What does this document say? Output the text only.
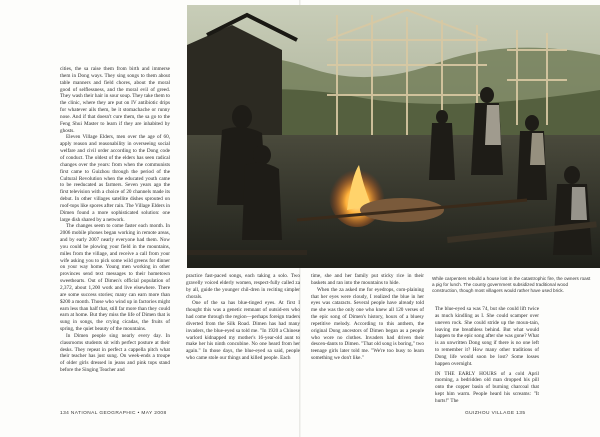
cities, the sa raise them from birth and immerse them in Dong ways. They sing songs to them about table manners and field chores, about the moral good of selflessness, and the moral evil of greed. They wash their hair in sour soup. They take them to the clinic, where they are put on IV antibiotic drips for whatever ails them, be it stomachache or runny nose. And if that doesn't cure them, the sa go to the Feng Shui Master to learn if they are inhabited by ghosts.

Eleven Village Elders, men over the age of 60, apply reason and reasonability in overseeing social welfare and civil order according to the Dong code of conduct. The oldest of the elders has seen radical changes over the years: from when the communists first came to Guizhou through the period of the Cultural Revolution when the educated youth came to be reeducated as farmers. Seven years ago the first television with a choice of 20 channels made its debut. In other villages satellite dishes sprouted on roof-tops like spores after rain. The Village Elders in Dimen found a more sophisticated solution: one large dish shared by a network.

The changes seem to come faster each month. In 2006 mobile phones began working in remote areas, and by early 2007 nearly everyone had them. Now you could be plowing your field in the mountains, miles from the village, and receive a call from your wife asking you to pick some wild greens for dinner on your way home. Young men working in other provinces send text messages to their hometown sweethearts. Out of Dimen's official population of 2,372, about 1,200 work and live elsewhere. There are some success stories; many can earn more than $200 a month. Those who wind up in factories might earn less than half that, still far more than they could earn at home. But they miss the life of Dimen that is sung in songs, the crying cicadas, the fruits of spring, the quiet beauty of the mountains.

In Dimen people sing nearly every day. In classrooms students sit with perfect posture at their desks. They repeat in perfect a cappella pitch what their teacher has just sung. On week-ends a troupe of older girls dressed in jeans and pink tops stand before the Singing Teacher and

While carpenters rebuild a house lost in the catastrophic fire, the owners roast a pig for lunch. The county government subsidized traditional wood construction, though most villagers would rather have used brick.

practice fast-paced songs, each taking a solo. Two gravelly voiced elderly women, respect-fully called za by all, guide the younger chil-dren in reciting simpler chorals.

One of the sa has blue-tinged eyes. At first I thought this was a genetic remnant of outsid-ers who had come through the region—perhaps foreign traders diverted from the Silk Road. Dimen has had many invaders, the blue-eyed sa told me. "In 1920 a Chinese warlord kidnapped my mother's 16-year-old aunt to make her his ninth concubine. No one heard from her again." In those days, the blue-eyed sa said, people who came stole our things and killed people. Each

time, she and her family put sticky rice in their baskets and ran into the mountains to hide.

When the za asked me for eyedrops, com-plaining that her eyes were cloudy, I realized the blue in her eyes was cataracts. Several people have already told me she was the only one who knew all 120 verses of the epic song of Dimen's history, hours of a bluesy repetitive melody. According to this anthem, the original Dong ancestors of Dimen began as a people who wore no clothes. Invaders had driven their descen-dants to Dimen. "That old song is boring," two teenage girls later told me. "We're too busy to learn something we don't like."

The blue-eyed sa was 74, but she could lift twice as much kindling as I. She could scamper over uneven rock. She could stride up the moun-tain, leaving me breathless behind. But what would happen to the epic song after she was gone? What is an unwritten Dong song if there is no one left to remember it? How many other traditions of Dong life would soon be lost? Some losses happen overnight.

IN THE EARLY HOURS of a cold April morning, a bedridden old man dropped his pill onto the copper basin of burning charcoal that kept him warm. People heard his screams: "It hurts!" The

134 NATIONAL GEOGRAPHIC • MAY 2008	GUIZHOU VILLAGE 135
